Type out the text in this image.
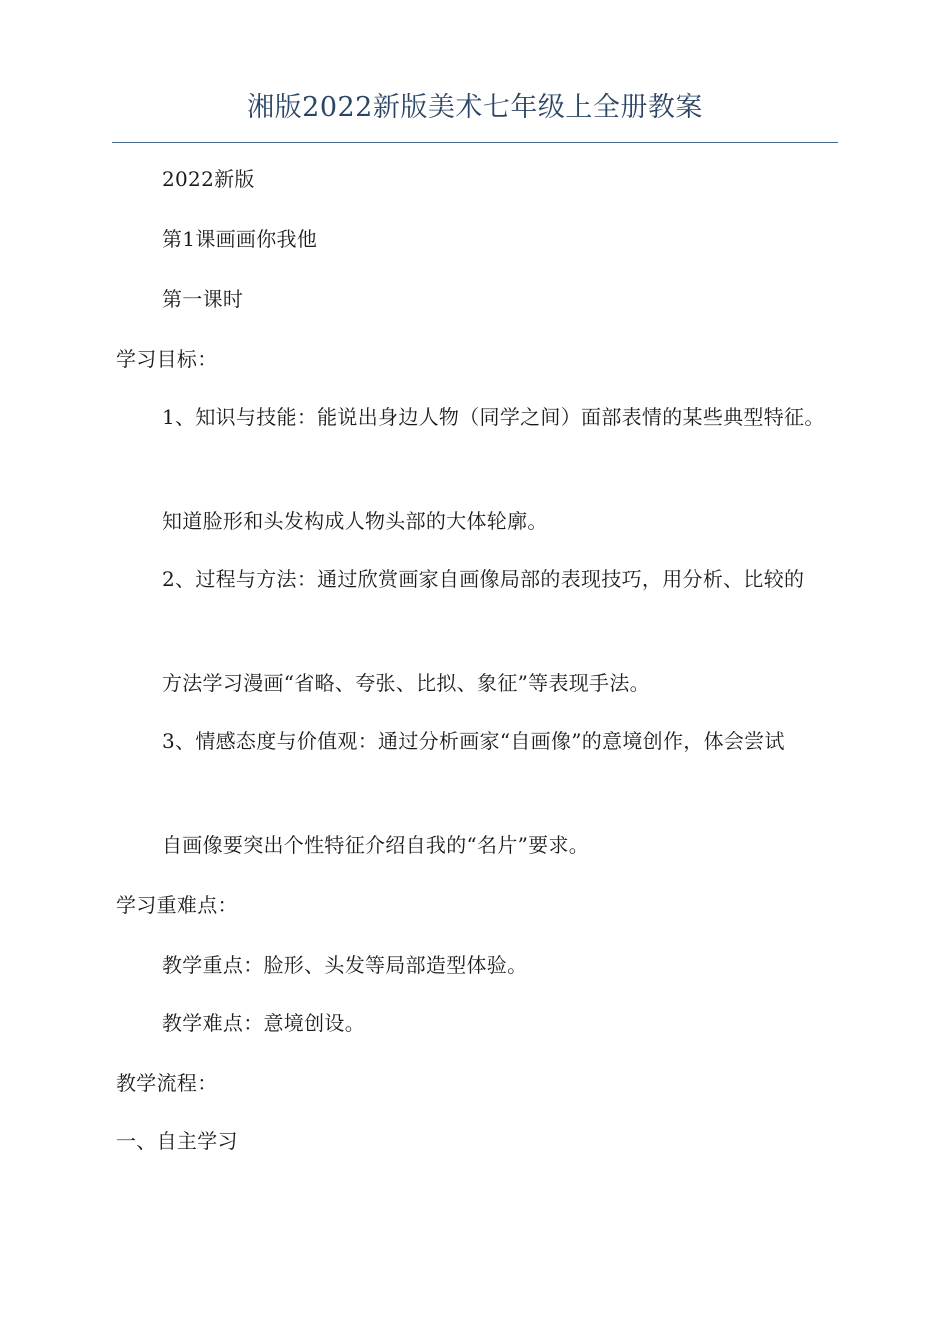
湘版2022新版美术七年级上全册教案

2022新版

第1课画画你我他

第一课时

学习目标：

1、知识与技能：能说出身边人物（同学之间）面部表情的某些典型特征。

知道脸形和头发构成人物头部的大体轮廓。

2、过程与方法：通过欣赏画家自画像局部的表现技巧，用分析、比较的

方法学习漫画“省略、夸张、比拟、象征”等表现手法。

3、情感态度与价值观：通过分析画家“自画像”的意境创作，体会尝试

自画像要突出个性特征介绍自我的“名片”要求。

学习重难点：

教学重点：脸形、头发等局部造型体验。

教学难点：意境创设。

教学流程：

一、自主学习
